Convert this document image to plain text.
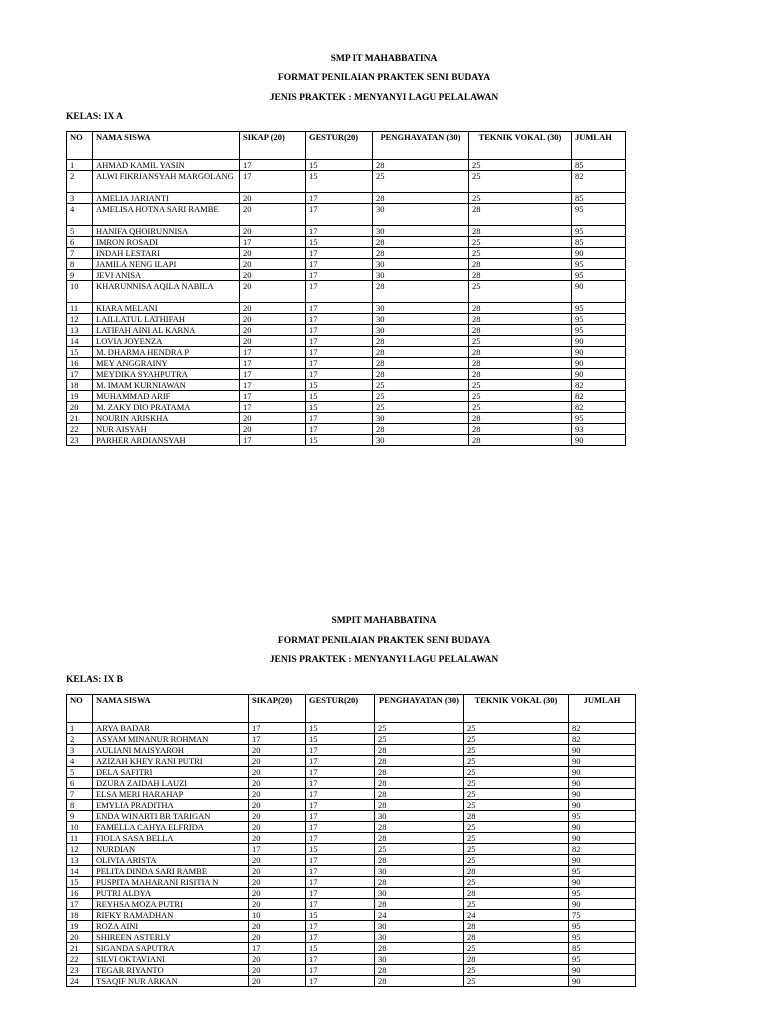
SMP IT MAHABBATINA
FORMAT PENILAIAN PRAKTEK SENI BUDAYA
JENIS PRAKTEK : MENYANYI LAGU PELALAWAN
KELAS: IX A
NO	NAMA SISWA	SIKAP (20)	GESTUR(20)	PENGHAYATAN (30)	TEKNIK VOKAL (30)	JUMLAH
1	AHMAD KAMIL YASIN	17	15	28	25	85
2	ALWI FIKRIANSYAH MARGOLANG	17	15	25	25	82
3	AMELIA JARIANTI	20	17	28	25	85
4	AMELISA HOTNA SARI RAMBE	20	17	30	28	95
5	HANIFA QHOIRUNNISA	20	17	30	28	95
6	IMRON ROSADI	17	15	28	25	85
7	INDAH LESTARI	20	17	28	25	90
8	JAMILA NENG ILAPI	20	17	30	28	95
9	JEVI ANISA	20	17	30	28	95
10	KHARUNNISA AQILA NABILA	20	17	28	25	90
11	KIARA MELANI	20	17	30	28	95
12	LAILLATUL LATHIFAH	20	17	30	28	95
13	LATIFAH AINI AL KARNA	20	17	30	28	95
14	LOVIA JOYENZA	20	17	28	25	90
15	M. DHARMA HENDRA P	17	17	28	28	90
16	MEY ANGGRAINY	17	17	28	28	90
17	MEYDIKA SYAHPUTRA	17	17	28	28	90
18	M. IMAM KURNIAWAN	17	15	25	25	82
19	MUHAMMAD ARIF	17	15	25	25	82
20	M. ZAKY DIO PRATAMA	17	15	25	25	82
21	NOURIN ARISKHA	20	17	30	28	95
22	NUR AISYAH	20	17	28	28	93
23	PARHER ARDIANSYAH	17	15	30	28	90
SMPIT MAHABBATINA
FORMAT PENILAIAN PRAKTEK SENI BUDAYA
JENIS PRAKTEK : MENYANYI LAGU PELALAWAN
KELAS: IX B
NO	NAMA SISWA	SIKAP(20)	GESTUR(20)	PENGHAYATAN (30)	TEKNIK VOKAL (30)	JUMLAH
1	ARYA BADAR	17	15	25	25	82
2	ASYAM MINANUR ROHMAN	17	15	25	25	82
3	AULIANI MAISYAROH	20	17	28	25	90
4	AZIZAH KHEY RANI PUTRI	20	17	28	25	90
5	DELA SAFITRI	20	17	28	25	90
6	DZURA ZAIDAH LAUZI	20	17	28	25	90
7	ELSA MERI HARAHAP	20	17	28	25	90
8	EMYLIA PRADITHA	20	17	28	25	90
9	ENDA WINARTI BR TARIGAN	20	17	30	28	95
10	FAMELLA CAHYA ELFRIDA	20	17	28	25	90
11	FIOLA SASA BELLA	20	17	28	25	90
12	NURDIAN	17	15	25	25	82
13	OLIVIA ARISTA	20	17	28	25	90
14	PELITA DINDA SARI RAMBE	20	17	30	28	95
15	PUSPITA MAHARANI RISITIA N	20	17	28	25	90
16	PUTRI ALDYA	20	17	30	28	95
17	REYHSA MOZA PUTRI	20	17	28	25	90
18	RIFKY RAMADHAN	10	15	24	24	75
19	ROZA AINI	20	17	30	28	95
20	SHIREEN ASTERLY	20	17	30	28	95
21	SIGANDA SAPUTRA	17	15	28	25	85
22	SILVI OKTAVIANI	20	17	30	28	95
23	TEGAR RIYANTO	20	17	28	25	90
24	TSAQIF NUR ARKAN	20	17	28	25	90
